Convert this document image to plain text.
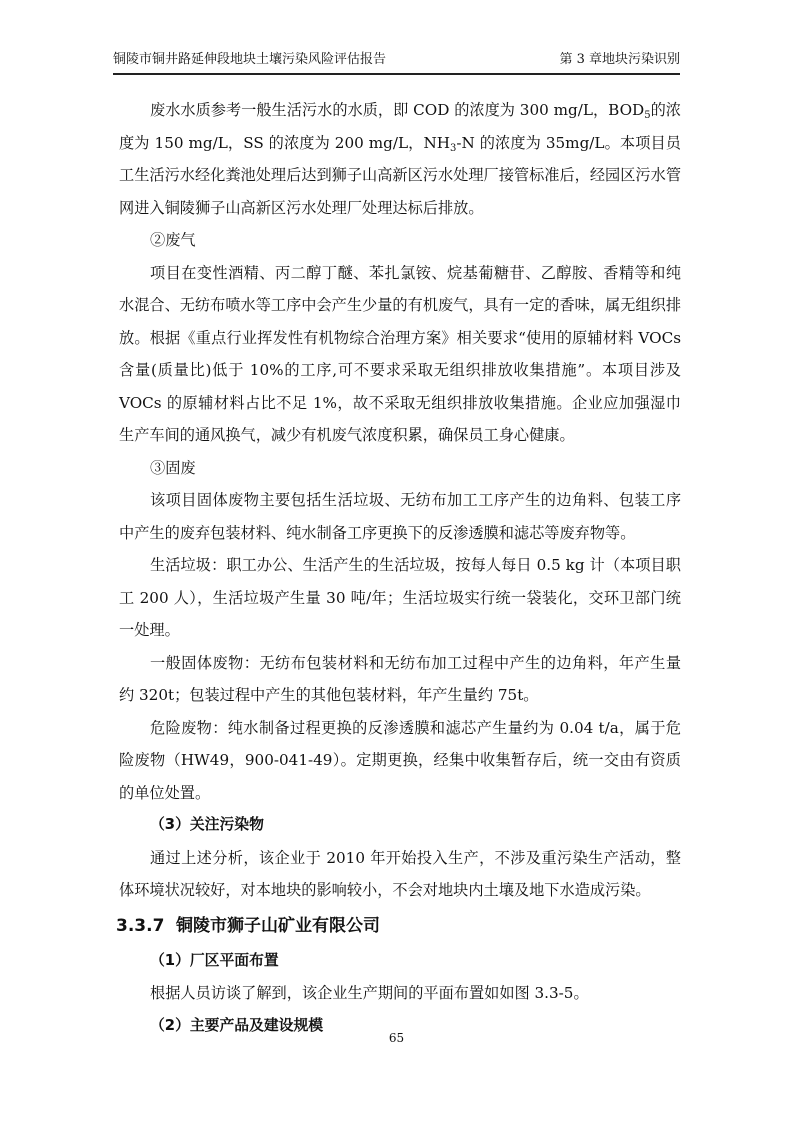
铜陵市铜井路延伸段地块土壤污染风险评估报告	第 3 章地块污染识别

废水水质参考一般生活污水的水质，即 COD 的浓度为 300 mg/L，$BOD_5$的浓度为 150 mg/L，SS 的浓度为 200 mg/L，$NH_3-N$ 的浓度为 35mg/L。本项目员工生活污水经化粪池处理后达到狮子山高新区污水处理厂接管标准后，经园区污水管网进入铜陵狮子山高新区污水处理厂处理达标后排放。

②废气

项目在变性酒精、丙二醇丁醚、苯扎氯铵、烷基葡糖苷、乙醇胺、香精等和纯水混合、无纺布喷水等工序中会产生少量的有机废气，具有一定的香味，属无组织排放。根据《重点行业挥发性有机物综合治理方案》相关要求“使用的原辅材料 VOCs 含量(质量比)低于 10%的工序,可不要求采取无组织排放收集措施”。本项目涉及 VOCs 的原辅材料占比不足 1%，故不采取无组织排放收集措施。企业应加强湿巾生产车间的通风换气，减少有机废气浓度积累，确保员工身心健康。

③固废

该项目固体废物主要包括生活垃圾、无纺布加工工序产生的边角料、包装工序中产生的废弃包装材料、纯水制备工序更换下的反渗透膜和滤芯等废弃物等。

生活垃圾：职工办公、生活产生的生活垃圾，按每人每日 0.5 kg 计（本项目职工 200 人），生活垃圾产生量 30 吨/年；生活垃圾实行统一袋装化，交环卫部门统一处理。

一般固体废物：无纺布包装材料和无纺布加工过程中产生的边角料，年产生量约 320t；包装过程中产生的其他包装材料，年产生量约 75t。

危险废物：纯水制备过程更换的反渗透膜和滤芯产生量约为 0.04 t/a，属于危险废物（HW49，900-041-49）。定期更换，经集中收集暂存后，统一交由有资质的单位处置。

（3）关注污染物

通过上述分析，该企业于 2010 年开始投入生产，不涉及重污染生产活动，整体环境状况较好，对本地块的影响较小，不会对地块内土壤及地下水造成污染。

3.3.7 铜陵市狮子山矿业有限公司

（1）厂区平面布置

根据人员访谈了解到，该企业生产期间的平面布置如如图 3.3-5。

（2）主要产品及建设规模

65
